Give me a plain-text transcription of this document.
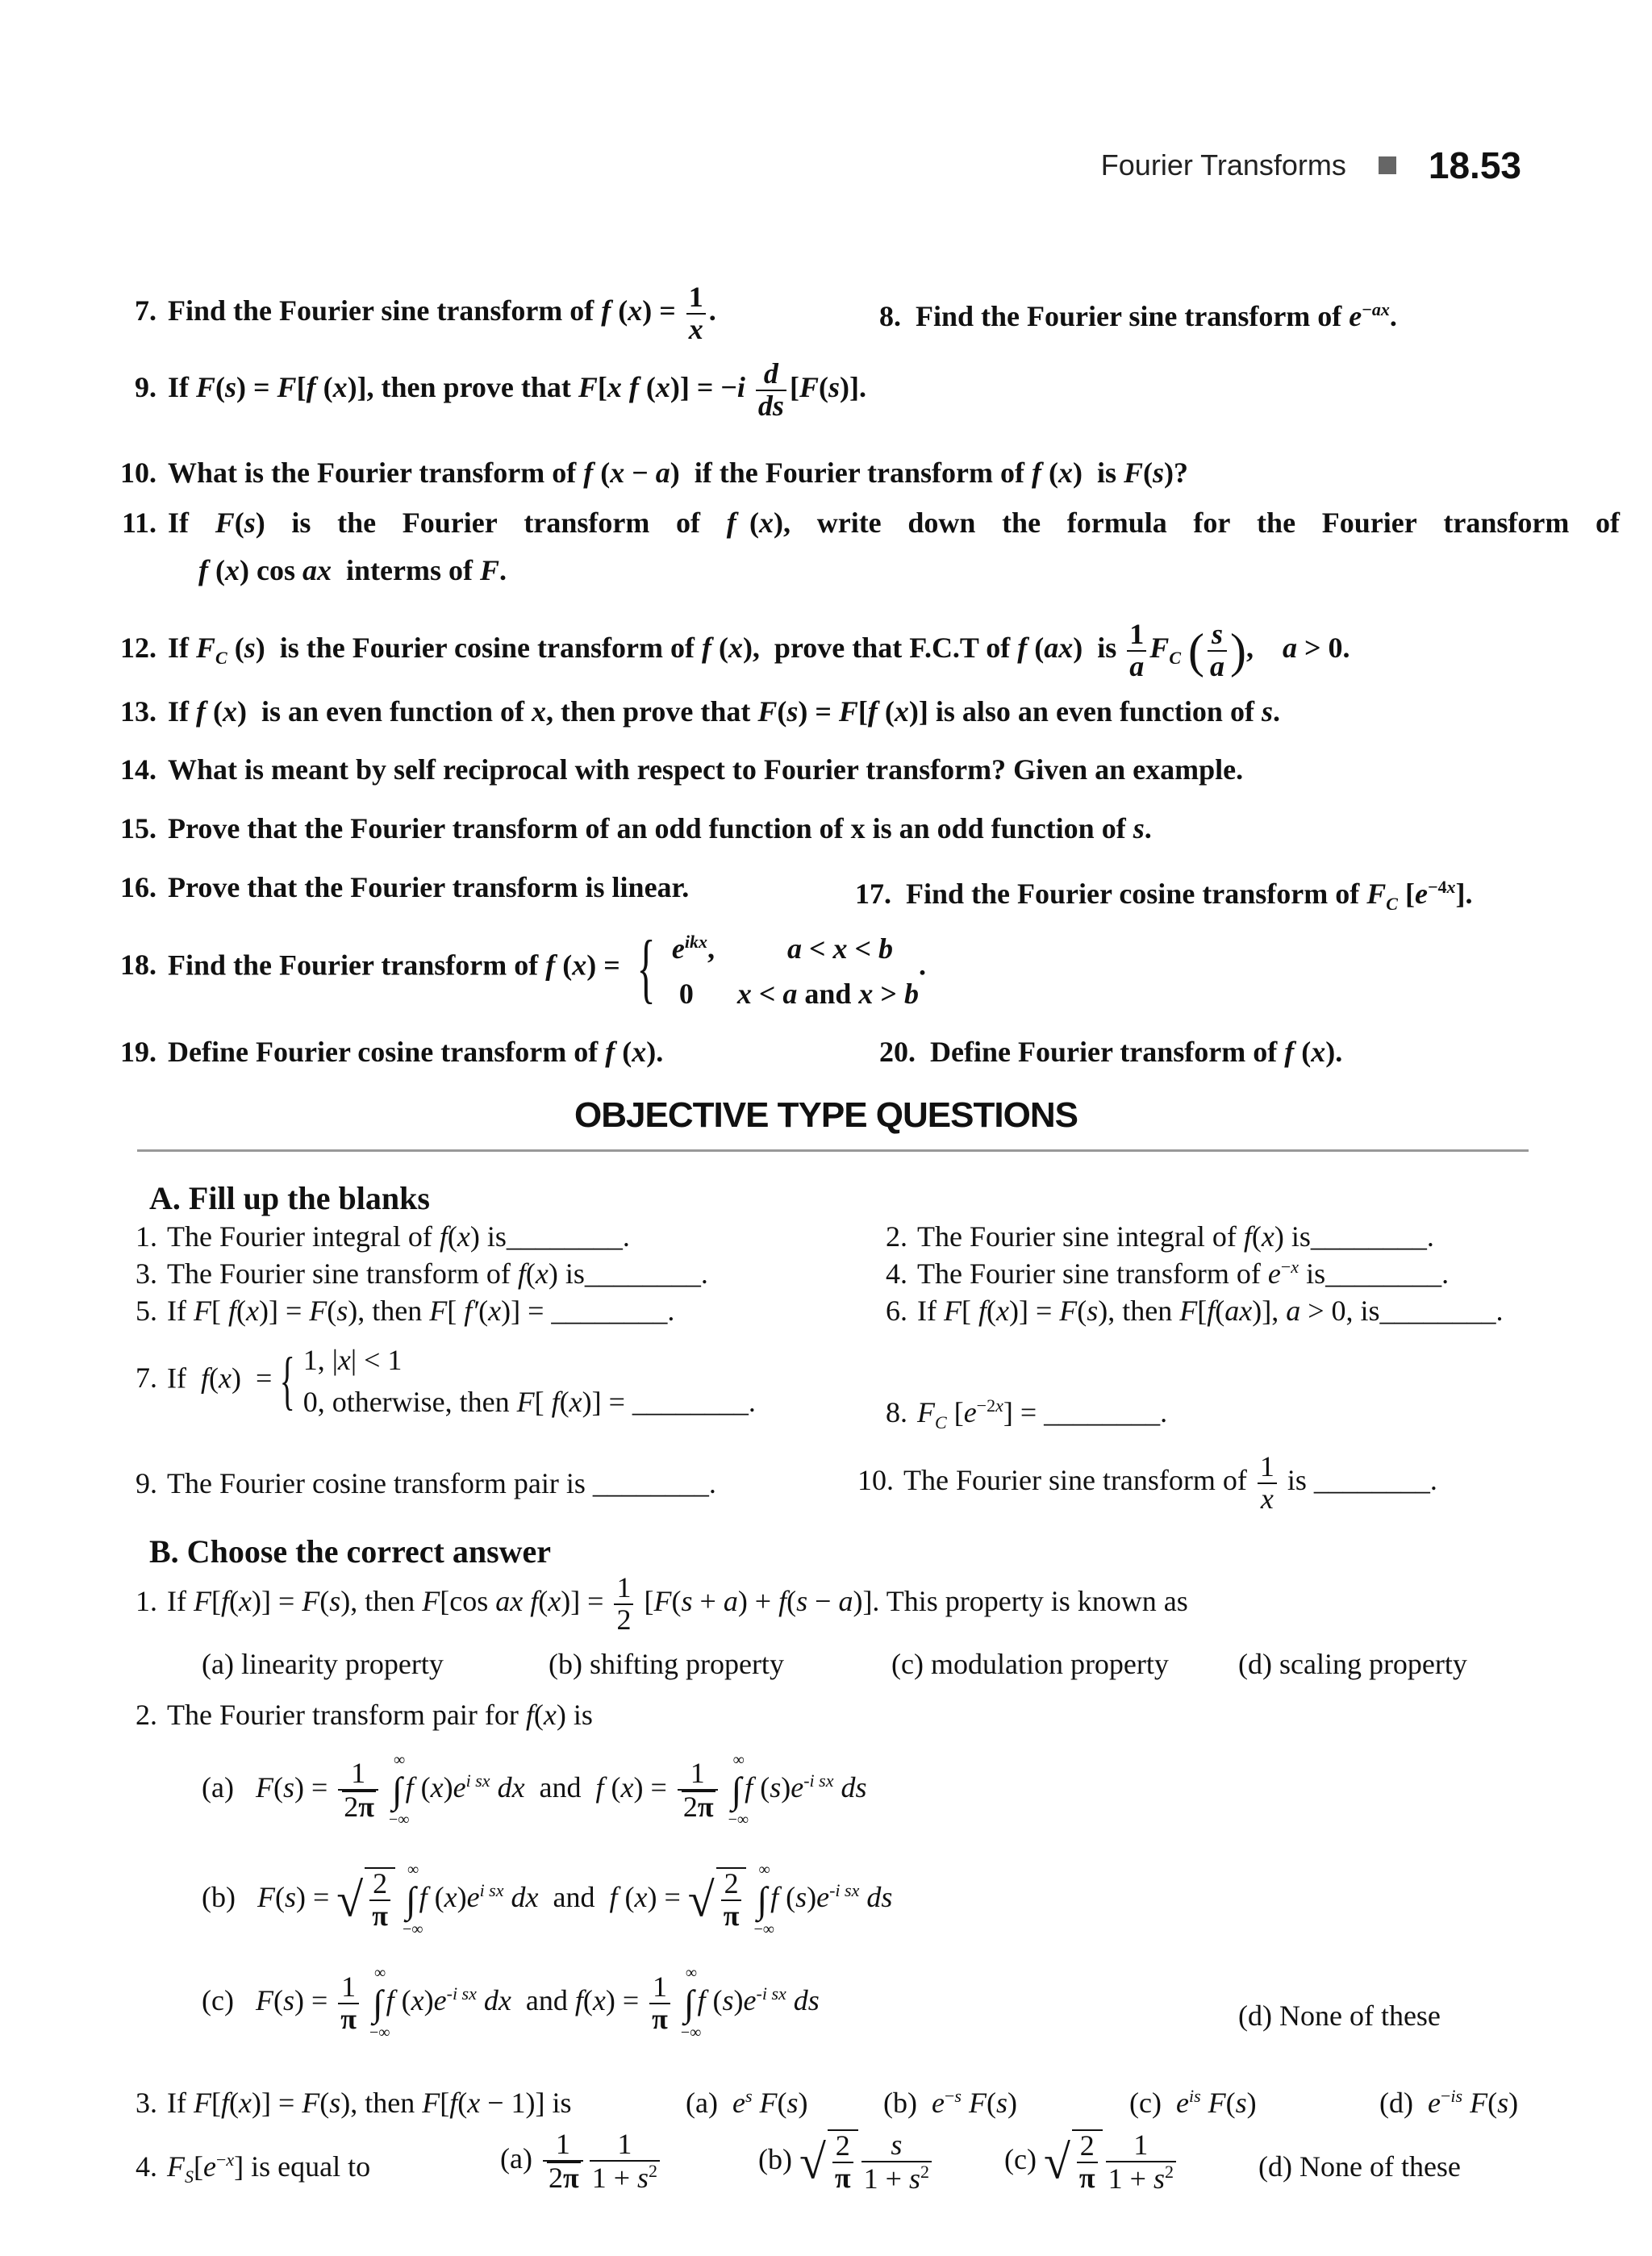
Fourier Transforms 18.53
7. Find the Fourier sine transform of f $(x) = \frac{1}{x}$ .	8.  Find the Fourier sine transform of $e^{-ax}$.
9. If F(s) = F[f (x)], then prove that F[x f $(x)] = -i \frac{d}{ds} [F(s)]$.
10. What is the Fourier transform of f (x − a)  if the Fourier transform of f (x)  is F(s)?
11. If  F(s)  is  the  Fourier  transform  of  f (x),  write  down  the  formula  for  the  Fourier  transform  of
f (x) cos ax  interms of F.
12. If $F_C$ (s)  is the Fourier cosine transform of f (x),  prove that F.C.T of f (ax)  is $\frac{1}{a} F_C$ ( $\frac{s}{a}$ ),    a > 0.
13. If f (x)  is an even function of x, then prove that F(s) = F[f (x)] is also an even function of s.
14. What is meant by self reciprocal with respect to Fourier transform? Given an example.
15. Prove that the Fourier transform of an odd function of x is an odd function of s.
16. Prove that the Fourier transform is linear.	17.  Find the Fourier cosine transform of $F_C$ $[e^{-4x}]$.
18. Find the Fourier transform of f (x) = { $e^{ikx}$,          a < x < b
0      x < a and x > b
.
19. Define Fourier cosine transform of f (x).	20.  Define Fourier transform of f (x).
OBJECTIVE TYPE QUESTIONS
A. Fill up the blanks
1. The Fourier integral of f(x) is________.	2. The Fourier sine integral of f(x) is________.
3. The Fourier sine transform of f(x) is________.	4. The Fourier sine transform of $e^{-x}$ is________.
5. If F[ f(x)] = F(s), then F[ f′(x)] = ________.	6. If F[ f(x)] = F(s), then F[f(ax)], a > 0, is________.
7. If  f(x)  = { 1, |x| < 1
0, otherwise, then F[ f(x)] = ________.	8. $F_C$ $[e^{-2x}]$ = ________.
9. The Fourier cosine transform pair is ________.	10. The Fourier sine transform of $\frac{1}{x}$ is ________.
B. Choose the correct answer
1. If F[f(x)] = F(s), then F[cos ax $f(x)] = \frac{1}{2} [F(s + a) + f(s - a)]$. This property is known as
(a) linearity property	(b) shifting property	(c) modulation property (d) scaling property
2. The Fourier transform pair for f(x) is
(a)   $F(s) = \frac{1}{2\pi}$ ∫
∞
−∞
f $(x)e^{i sx}$ dx  and  f $(x) = \frac{1}{2\pi}$ ∫
∞
−∞
f $(s)e^{-i sx}$ ds
(b)   F(s) = √ $\frac{2}{\pi}$ ∫
∞
−∞
f $(x)e^{i sx}$ dx  and  f (x) = √ $\frac{2}{\pi}$ ∫
∞
−∞
f $(s)e^{-i sx}$ ds
(c)   $F(s) = \frac{1}{\pi}$ ∫
∞
−∞
f $(x)e^{-i sx}$ dx  and $f(x) = \frac{1}{\pi}$ ∫
∞
−∞
f $(s)e^{-i sx}$ ds	(d) None of these
3. If F[f(x)] = F(s), then F[f(x − 1)] is	(a)  $e^s$ F(s)	(b)  $e^{-s}$ F(s)	(c)  $e^{is}$ F(s)	(d)  $e^{-is}$ F(s)
4. $F_S[e^{-x}]$ is equal to	$(a) \frac{1}{2\pi} \frac{1}{1 + s^2}$	(b) √ $\frac{2}{\pi} \frac{s}{1 + s^2}$	(c) √ $\frac{2}{\pi} \frac{1}{1 + s^2}$	(d) None of these
